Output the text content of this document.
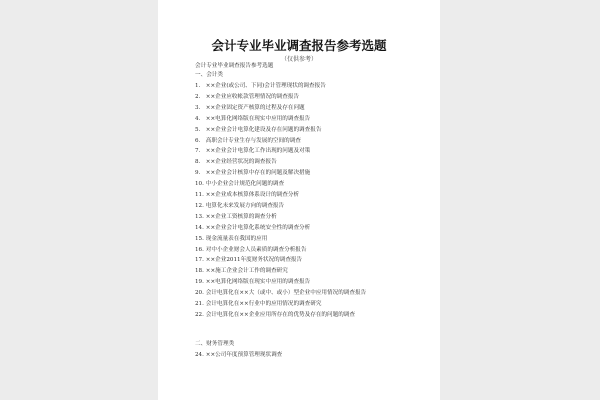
会计专业毕业调查报告参考选题
（仅供参考）
会计专业毕业调查报告参考选题
一、会计类
二、财务管理类
1. ××企业(或公司、下同)会计管理现状的调查报告
2. ××企业应收帐款管理情况的调查报告
3. ××企业固定资产核算的过程及存在问题
4. ××电算化网络版在现实中应用的调查报告
5. ××企业会计电算化建设及存在问题的调查报告
6. 高职会计专业生存与发展的空间的调查
7. ××企业会计电算化工作出现的问题及对策
8. ××企业经营状况的调查报告
9. ××企业会计核算中存在的问题及解决措施
10. 中小企业会计规范化问题的调查
11. ××企业成本核算体系设计的调查分析
12. 电算化未来发展方向的调查报告
13. ××企业工资核算的调查分析
14. ××企业会计电算化系统安全性的调查分析
15. 现金流量表在我国的应用
16. 对中小企业财会人员素质的调查分析报告
17. ××企业2011年度财务状况的调查报告
18. ××施工企业会计工作的调查研究
19. ××电算化网络版在现实中应用的调查报告
20. 会计电算化在××大（或中、或小）型企业中应用情况的调查报告
21. 会计电算化在××行业中的应用情况的调查研究
22. 会计电算化在××企业应用所存在的优势及存在的问题的调查
24. ××公司年度预算管理现状调查
